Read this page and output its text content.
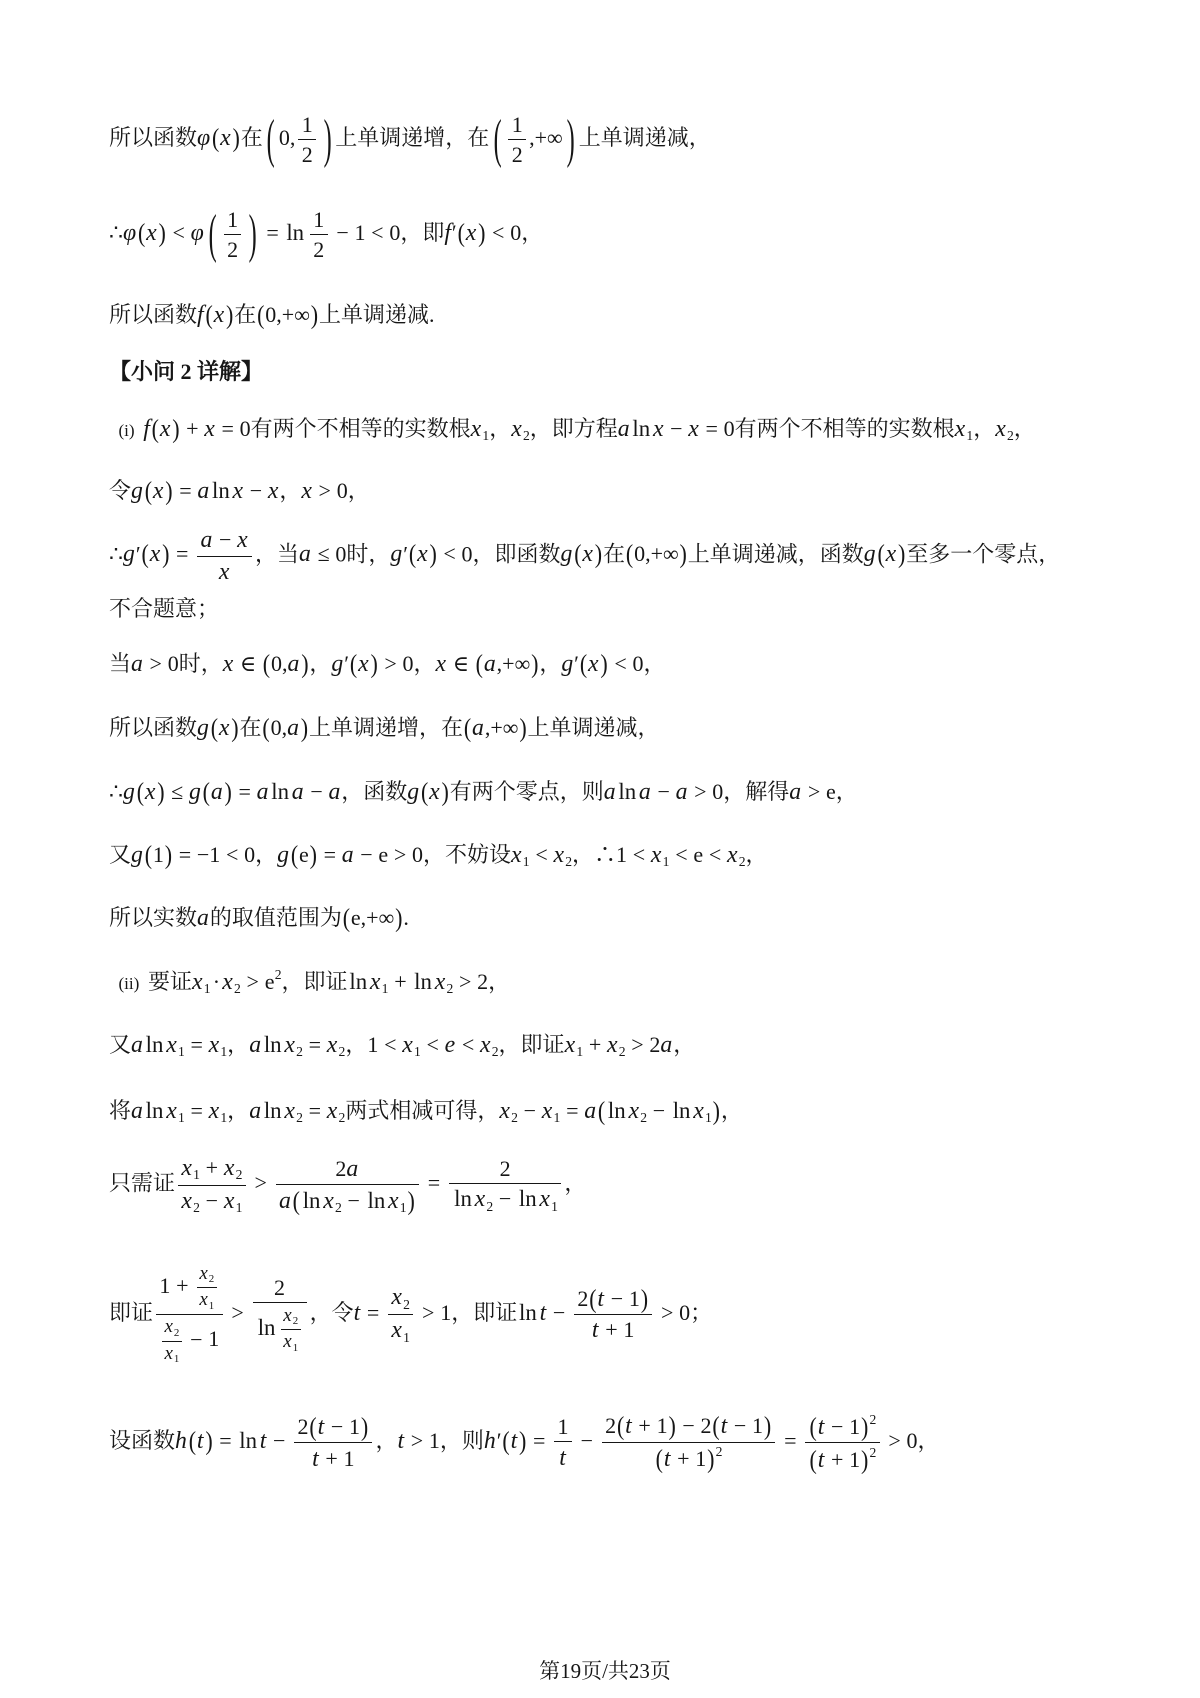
所以函数φ(x)在 ( 0, $\frac{1}{2}$ ) 上单调递增，在 ( $\frac{1}{2}$ ,+∞ ) 上单调递减，
∴φ(x) < φ ( $\frac{1}{2}$ ) = $\ln \frac{1}{2} - 1 < 0$，即f′(x) < 0，
所以函数f(x)在(0,+∞)上单调递减.
【小问 2 详解】
(i) f(x) + x = 0有两个不相等的实数根x1，x2，即方程a ln x − x = 0有两个不相等的实数根x1，x2，
令g(x) = a ln x − x，x > 0，
∴g′(x) = $\frac{a - x}{x}$ ，当a ≤ 0时，g′(x) < 0，即函数g(x)在(0,+∞)上单调递减，函数g(x)至多一个零点，
不合题意；
当a > 0时，x ∈ (0,a)，g′(x) > 0，x ∈ (a,+∞)，g′(x) < 0，
所以函数g(x)在(0,a)上单调递增，在(a,+∞)上单调递减，
∴g(x) ≤ g(a) = a ln a − a，函数g(x)有两个零点，则a ln a − a > 0，解得a > e，
又g(1) = −1 < 0，g(e) = a − e > 0，不妨设x1 < x2，∴1 < x1 < e < x2，
所以实数a的取值范围为(e,+∞).
(ii) 要证$x1\cdot x2 > e^2$，即证ln x1 + ln x2 > 2，
又a ln x1 = x1，a ln x2 = x2，1 < x1 < e < x2，即证x1 + x2 > 2a，
将a ln x1 = x1，a ln x2 = x2两式相减可得，x2 − x1 = a( ln x2 − ln x1)，
只需证 $\frac{x1 + x2}{x2 - x1} > \frac{2a}{\text{a( ln x2 − ln x1)}} = \frac{2}{\text{ln x2 − ln x1}}$ ，
即证 $\frac{1 + \frac{x2}{x1}}{\frac{x2}{x1} - 1} > \frac{2}{\ln \frac{x2}{x1}}$ ，令$t = \frac{x2}{x1} > 1$，即证$\ln t - \frac{2(t - 1)}{t + 1} > 0$；
设函数$h(t) = \ln t - \frac{2(t - 1)}{t + 1}$ ，t > 1，则$h'(t) = \frac{1}{t} - \frac{2(t + 1) - 2(t - 1)}{(t + 1)^2} = \frac{(t - 1)^2}{(t + 1)^2} > 0$，
第19页/共23页
